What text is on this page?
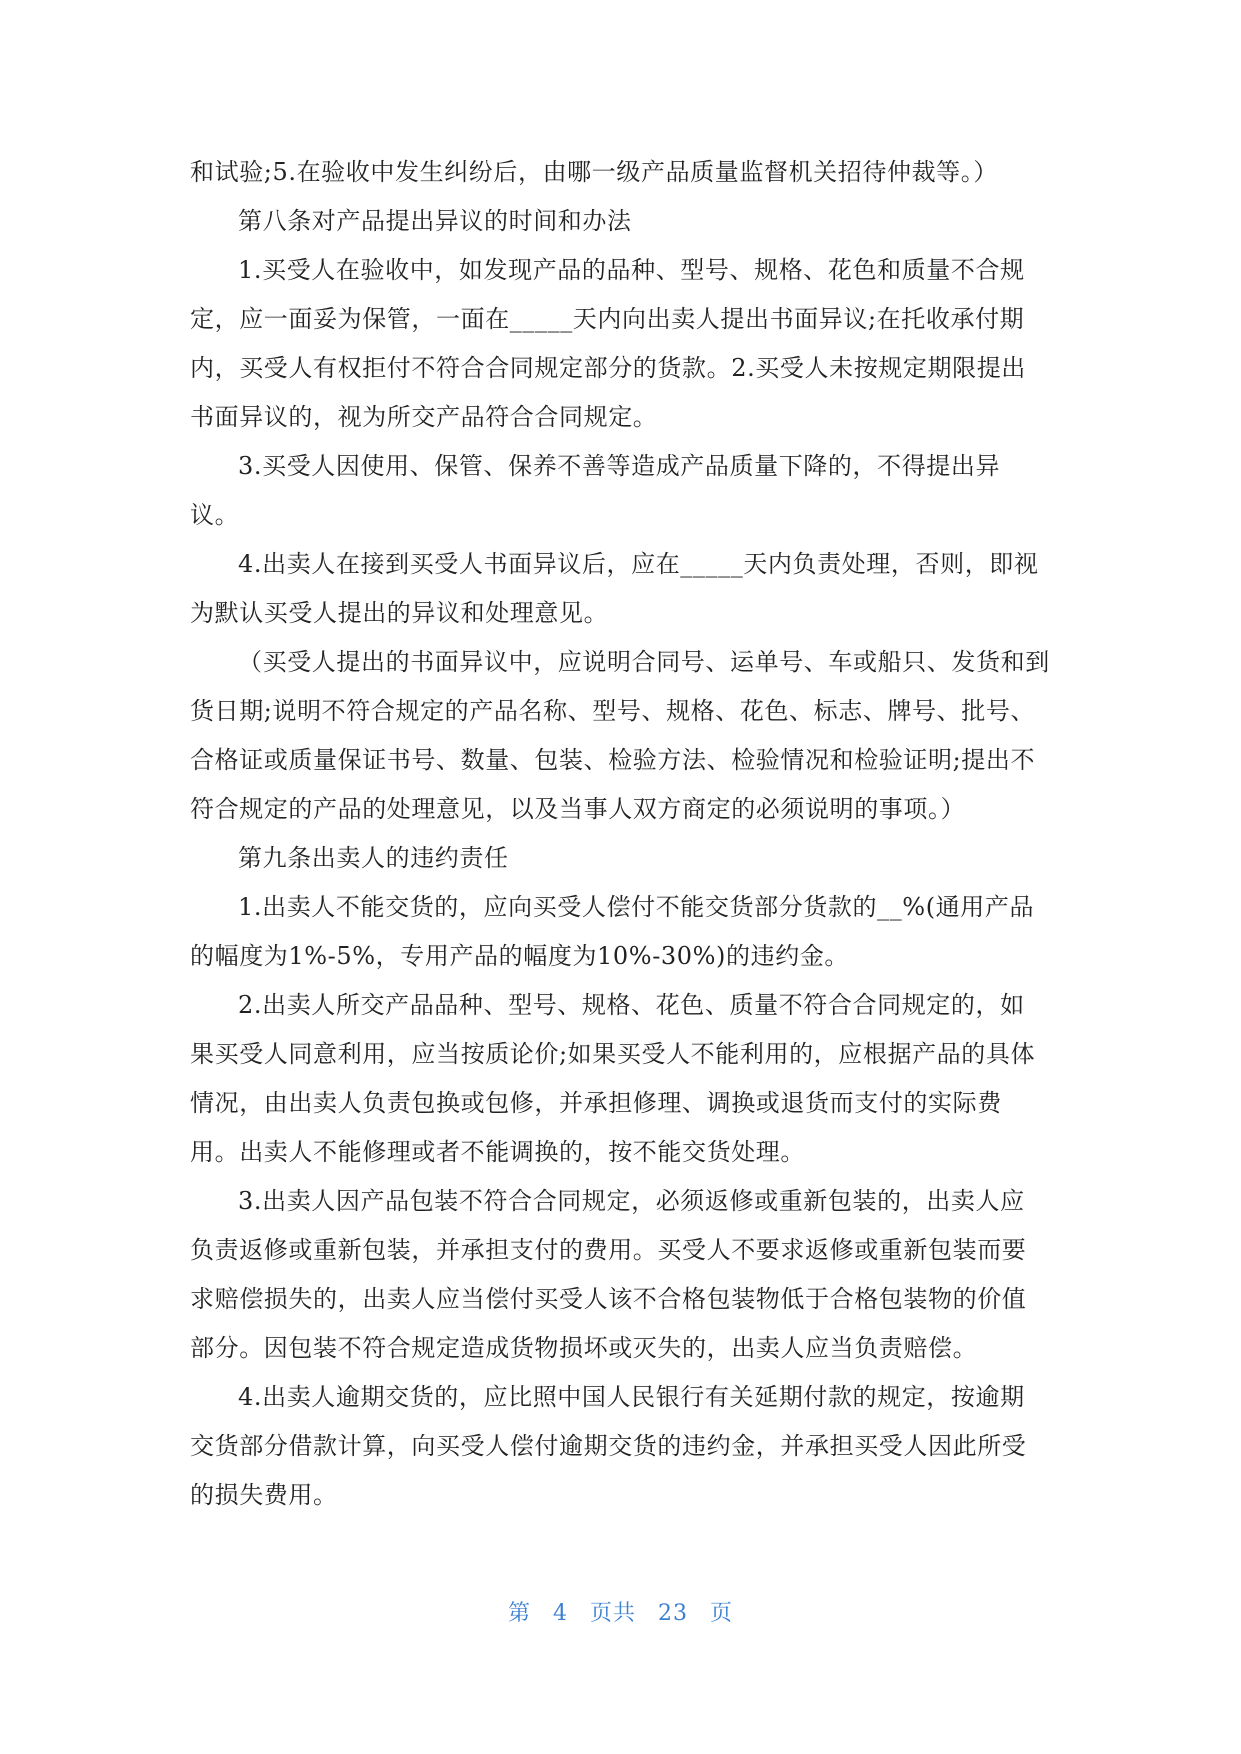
和试验;5.在验收中发生纠纷后，由哪一级产品质量监督机关招待仲裁等。）
第八条对产品提出异议的时间和办法
1.买受人在验收中，如发现产品的品种、型号、规格、花色和质量不合规
定，应一面妥为保管，一面在_____天内向出卖人提出书面异议;在托收承付期
内，买受人有权拒付不符合合同规定部分的货款。2.买受人未按规定期限提出
书面异议的，视为所交产品符合合同规定。
3.买受人因使用、保管、保养不善等造成产品质量下降的，不得提出异
议。
4.出卖人在接到买受人书面异议后，应在_____天内负责处理，否则，即视
为默认买受人提出的异议和处理意见。
（买受人提出的书面异议中，应说明合同号、运单号、车或船只、发货和到
货日期;说明不符合规定的产品名称、型号、规格、花色、标志、牌号、批号、
合格证或质量保证书号、数量、包装、检验方法、检验情况和检验证明;提出不
符合规定的产品的处理意见，以及当事人双方商定的必须说明的事项。）
第九条出卖人的违约责任
1.出卖人不能交货的，应向买受人偿付不能交货部分货款的__%(通用产品
的幅度为1%-5%，专用产品的幅度为10%-30%)的违约金。
2.出卖人所交产品品种、型号、规格、花色、质量不符合合同规定的，如
果买受人同意利用，应当按质论价;如果买受人不能利用的，应根据产品的具体
情况，由出卖人负责包换或包修，并承担修理、调换或退货而支付的实际费
用。出卖人不能修理或者不能调换的，按不能交货处理。
3.出卖人因产品包装不符合合同规定，必须返修或重新包装的，出卖人应
负责返修或重新包装，并承担支付的费用。买受人不要求返修或重新包装而要
求赔偿损失的，出卖人应当偿付买受人该不合格包装物低于合格包装物的价值
部分。因包装不符合规定造成货物损坏或灭失的，出卖人应当负责赔偿。
4.出卖人逾期交货的，应比照中国人民银行有关延期付款的规定，按逾期
交货部分借款计算，向买受人偿付逾期交货的违约金，并承担买受人因此所受
的损失费用。
第 4 页共 23 页
